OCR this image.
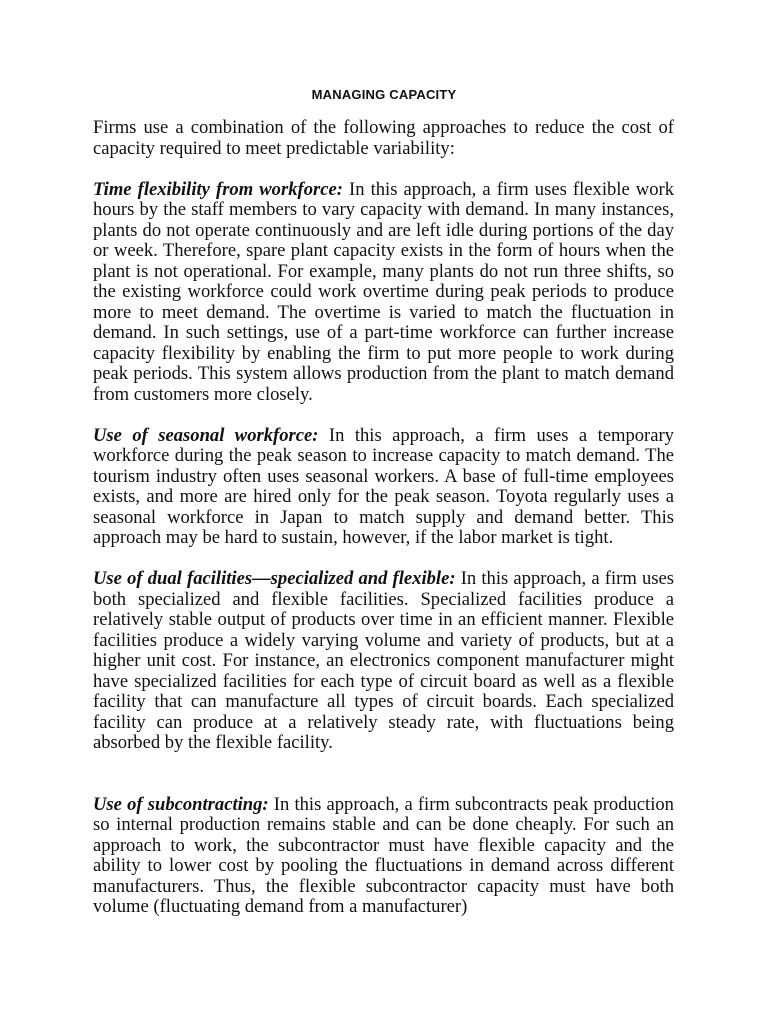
MANAGING CAPACITY

Firms use a combination of the following approaches to reduce the cost of capacity required to meet predictable variability:

Time flexibility from workforce: In this approach, a firm uses flexible work hours by the staff members to vary capacity with demand. In many instances, plants do not operate continuously and are left idle during portions of the day or week. Therefore, spare plant capacity exists in the form of hours when the plant is not operational. For example, many plants do not run three shifts, so the existing workforce could work overtime during peak periods to produce more to meet demand. The overtime is varied to match the fluctuation in demand. In such settings, use of a part-time workforce can further increase capacity flexibility by enabling the firm to put more people to work during peak periods. This system allows production from the plant to match demand from customers more closely.

Use of seasonal workforce: In this approach, a firm uses a temporary workforce during the peak season to increase capacity to match demand. The tourism industry often uses seasonal workers. A base of full-time employees exists, and more are hired only for the peak season. Toyota regularly uses a seasonal workforce in Japan to match supply and demand better. This approach may be hard to sustain, however, if the labor market is tight.

Use of dual facilities—specialized and flexible: In this approach, a firm uses both specialized and flexible facilities. Specialized facilities produce a relatively stable output of products over time in an efficient manner. Flexible facilities produce a widely varying volume and variety of products, but at a higher unit cost. For instance, an electronics component manufacturer might have specialized facilities for each type of circuit board as well as a flexible facility that can manufacture all types of circuit boards. Each specialized facility can produce at a relatively steady rate, with fluctuations being absorbed by the flexible facility.

Use of subcontracting: In this approach, a firm subcontracts peak production so internal production remains stable and can be done cheaply. For such an approach to work, the subcontractor must have flexible capacity and the ability to lower cost by pooling the fluctuations in demand across different manufacturers. Thus, the flexible subcontractor capacity must have both volume (fluctuating demand from a manufacturer)
